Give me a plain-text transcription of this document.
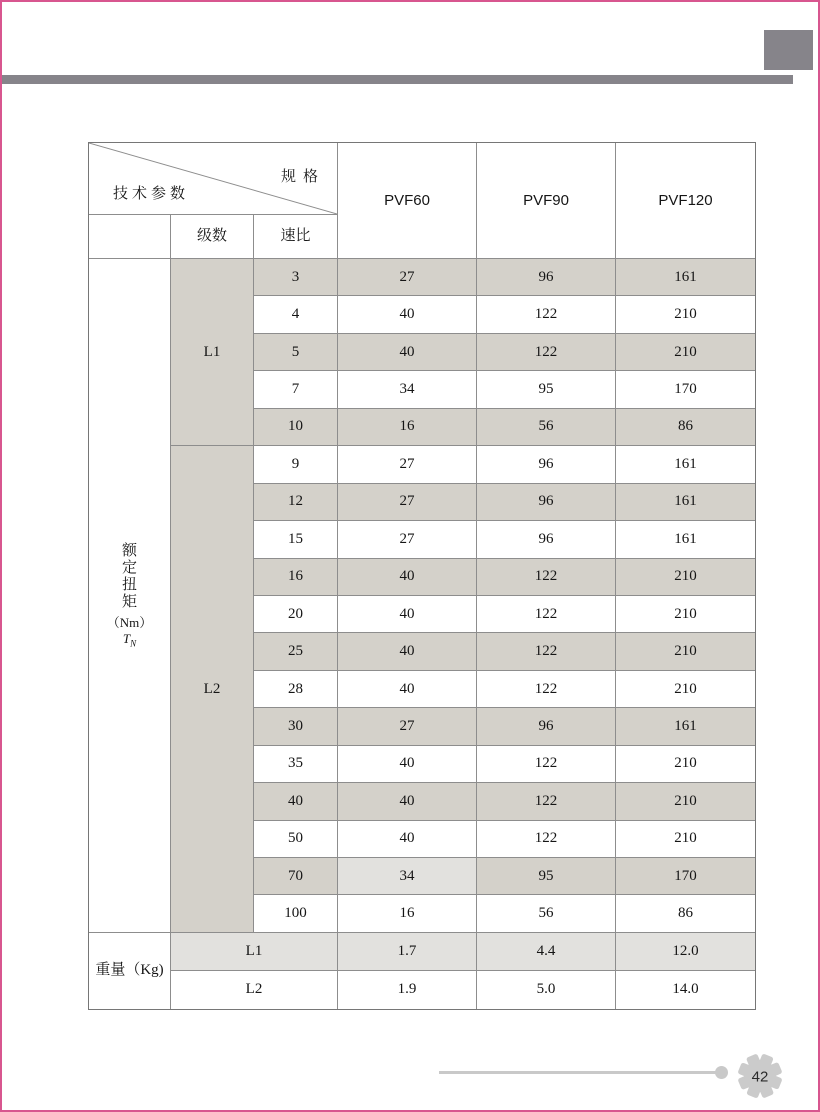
技术参数
规格
PVF60	PVF90	PVF120
级数	速比
额定扭矩
（Nm）
$T_N$
重量（Kg)
L1
3	27	96	161
4	40	122	210
5	40	122	210
7	34	95	170
10	16	56	86
L2
9	27	96	161
12	27	96	161
15	27	96	161
16	40	122	210
20	40	122	210
25	40	122	210
28	40	122	210
30	27	96	161
35	40	122	210
40	40	122	210
50	40	122	210
70	34	95	170
100	16	56	86
L1	1.7	4.4	12.0
L2	1.9	5.0	14.0
42
